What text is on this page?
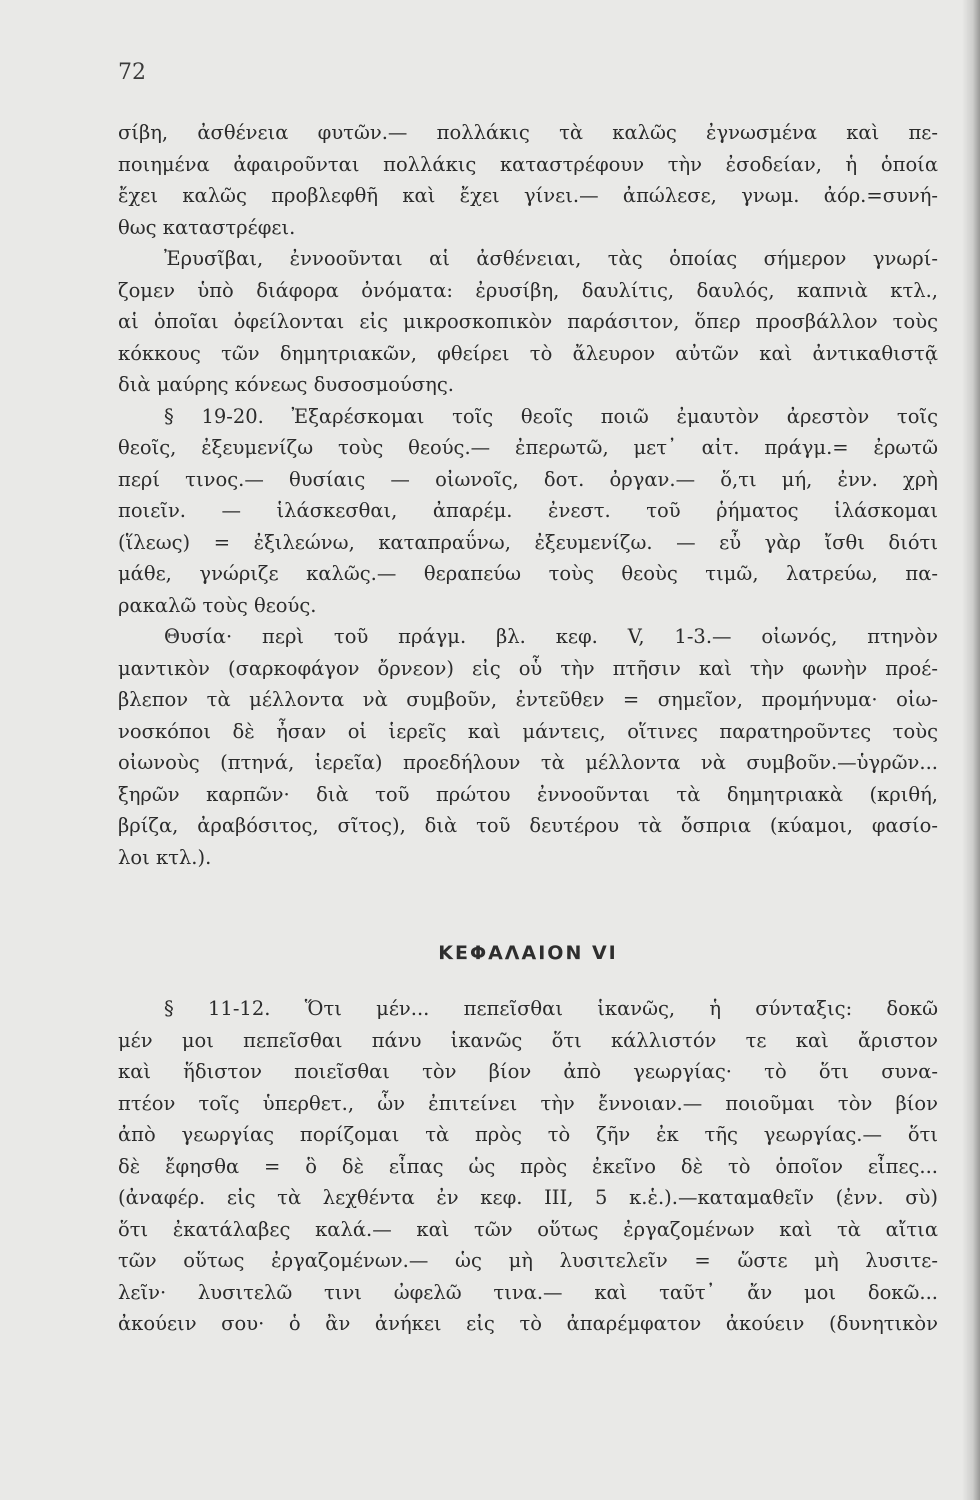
72
σίβη, ἀσθένεια φυτῶν.— πολλάκις τὰ καλῶς ἐγνωσμένα καὶ πε-
ποιημένα ἀφαιροῦνται πολλάκις καταστρέφουν τὴν ἐσοδείαν, ἡ ὁποία
ἔχει καλῶς προβλεφθῆ καὶ ἔχει γίνει.— ἀπώλεσε, γνωμ. ἀόρ.=συνή-
θως καταστρέφει.
Ἐρυσῖβαι, ἐννοοῦνται αἱ ἀσθένειαι, τὰς ὁποίας σήμερον γνωρί-
ζομεν ὑπὸ διάφορα ὀνόματα: ἐρυσίβη, δαυλίτις, δαυλός, καπνιὰ κτλ.,
αἱ ὁποῖαι ὀφείλονται εἰς μικροσκοπικὸν παράσιτον, ὅπερ προσβάλλον τοὺς
κόκκους τῶν δημητριακῶν, φθείρει τὸ ἄλευρον αὐτῶν καὶ ἀντικαθιστᾷ
διὰ μαύρης κόνεως δυσοσμούσης.
§ 19-20. Ἐξαρέσκομαι τοῖς θεοῖς ποιῶ ἐμαυτὸν ἀρεστὸν τοῖς
θεοῖς, ἐξευμενίζω τοὺς θεούς.— ἐπερωτῶ, μετ᾿ αἰτ. πράγμ.= ἐρωτῶ
περί τινος.— θυσίαις — οἰωνοῖς, δοτ. ὀργαν.— ὅ,τι μή, ἐνν. χρὴ
ποιεῖν. — ἱλάσκεσθαι, ἀπαρέμ. ἐνεστ. τοῦ ῥήματος ἱλάσκομαι
(ἵλεως) = ἐξιλεώνω, καταπραΰνω, ἐξευμενίζω. — εὖ γὰρ ἴσθι διότι
μάθε, γνώριζε καλῶς.— θεραπεύω τοὺς θεοὺς τιμῶ, λατρεύω, πα-
ρακαλῶ τοὺς θεούς.
Θυσία· περὶ τοῦ πράγμ. βλ. κεφ. V, 1-3.— οἰωνός, πτηνὸν
μαντικὸν (σαρκοφάγον ὄρνεον) εἰς οὗ τὴν πτῆσιν καὶ τὴν φωνὴν προέ-
βλεπον τὰ μέλλοντα νὰ συμβοῦν, ἐντεῦθεν = σημεῖον, προμήνυμα· οἰω-
νοσκόποι δὲ ἦσαν οἱ ἱερεῖς καὶ μάντεις, οἵτινες παρατηροῦντες τοὺς
οἰωνοὺς (πτηνά, ἱερεῖα) προεδήλουν τὰ μέλλοντα νὰ συμβοῦν.—ὑγρῶν...
ξηρῶν καρπῶν· διὰ τοῦ πρώτου ἐννοοῦνται τὰ δημητριακὰ (κριθή,
βρίζα, ἀραβόσιτος, σῖτος), διὰ τοῦ δευτέρου τὰ ὄσπρια (κύαμοι, φασίο-
λοι κτλ.).
ΚΕΦΑΛΑΙΟΝ VI
§ 11-12. Ὅτι μέν... πεπεῖσθαι ἱκανῶς, ἡ σύνταξις: δοκῶ
μέν μοι πεπεῖσθαι πάνυ ἱκανῶς ὅτι κάλλιστόν τε καὶ ἄριστον
καὶ ἥδιστον ποιεῖσθαι τὸν βίον ἀπὸ γεωργίας· τὸ ὅτι συνα-
πτέον τοῖς ὑπερθετ., ὧν ἐπιτείνει τὴν ἔννοιαν.— ποιοῦμαι τὸν βίον
ἀπὸ γεωργίας πορίζομαι τὰ πρὸς τὸ ζῆν ἐκ τῆς γεωργίας.— ὅτι
δὲ ἔφησθα = ὃ δὲ εἶπας ὡς πρὸς ἐκεῖνο δὲ τὸ ὁποῖον εἶπες...
(ἀναφέρ. εἰς τὰ λεχθέντα ἐν κεφ. III, 5 κ.ἑ.).—καταμαθεῖν (ἐνν. σὺ)
ὅτι ἐκατάλαβες καλά.— καὶ τῶν οὕτως ἐργαζομένων καὶ τὰ αἴτια
τῶν οὕτως ἐργαζομένων.— ὡς μὴ λυσιτελεῖν = ὥστε μὴ λυσιτε-
λεῖν· λυσιτελῶ τινι ὠφελῶ τινα.— καὶ ταῦτ᾿ ἄν μοι δοκῶ...
ἀκούειν σου· ὁ ἂν ἀνήκει εἰς τὸ ἀπαρέμφατον ἀκούειν (δυνητικὸν
